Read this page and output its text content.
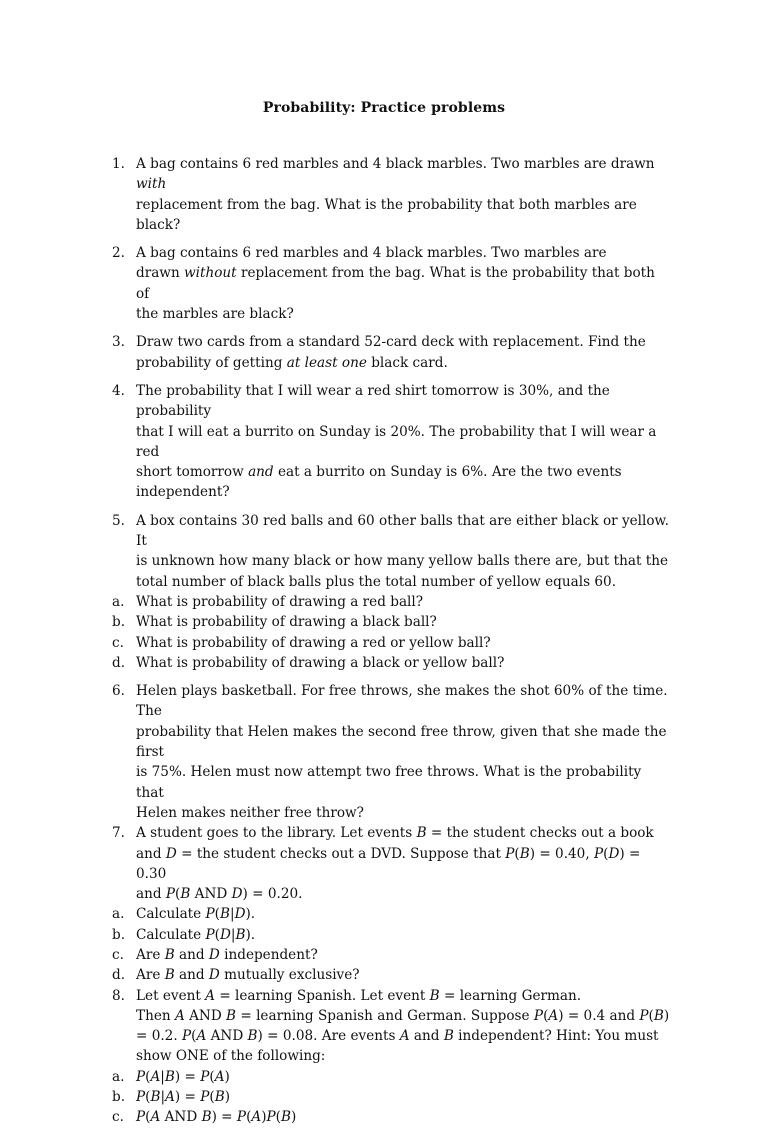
Probability: Practice problems
1. A bag contains 6 red marbles and 4 black marbles. Two marbles are drawn with
replacement from the bag. What is the probability that both marbles are black?
2. A bag contains 6 red marbles and 4 black marbles. Two marbles are
drawn without replacement from the bag. What is the probability that both of
the marbles are black?
3. Draw two cards from a standard 52-card deck with replacement. Find the
probability of getting at least one black card.
4. The probability that I will wear a red shirt tomorrow is 30%, and the probability
that I will eat a burrito on Sunday is 20%. The probability that I will wear a red
short tomorrow and eat a burrito on Sunday is 6%. Are the two events
independent?
5. A box contains 30 red balls and 60 other balls that are either black or yellow. It
is unknown how many black or how many yellow balls there are, but that the
total number of black balls plus the total number of yellow equals 60.
a. What is probability of drawing a red ball?
b. What is probability of drawing a black ball?
c. What is probability of drawing a red or yellow ball?
d. What is probability of drawing a black or yellow ball?
6. Helen plays basketball. For free throws, she makes the shot 60% of the time. The
probability that Helen makes the second free throw, given that she made the first
is 75%. Helen must now attempt two free throws. What is the probability that
Helen makes neither free throw?
7. A student goes to the library. Let events B = the student checks out a book
and D = the student checks out a DVD. Suppose that P(B) = 0.40, P(D) = 0.30
and P(B AND D) = 0.20.
a. Calculate P(B|D).
b. Calculate P(D|B).
c. Are B and D independent?
d. Are B and D mutually exclusive?
8. Let event A = learning Spanish. Let event B = learning German.
Then A AND B = learning Spanish and German. Suppose P(A) = 0.4 and P(B)
= 0.2. P(A AND B) = 0.08. Are events A and B independent? Hint: You must
show ONE of the following:
a. P(A|B) = P(A)
b. P(B|A) = P(B)
c. P(A AND B) = P(A)P(B)
